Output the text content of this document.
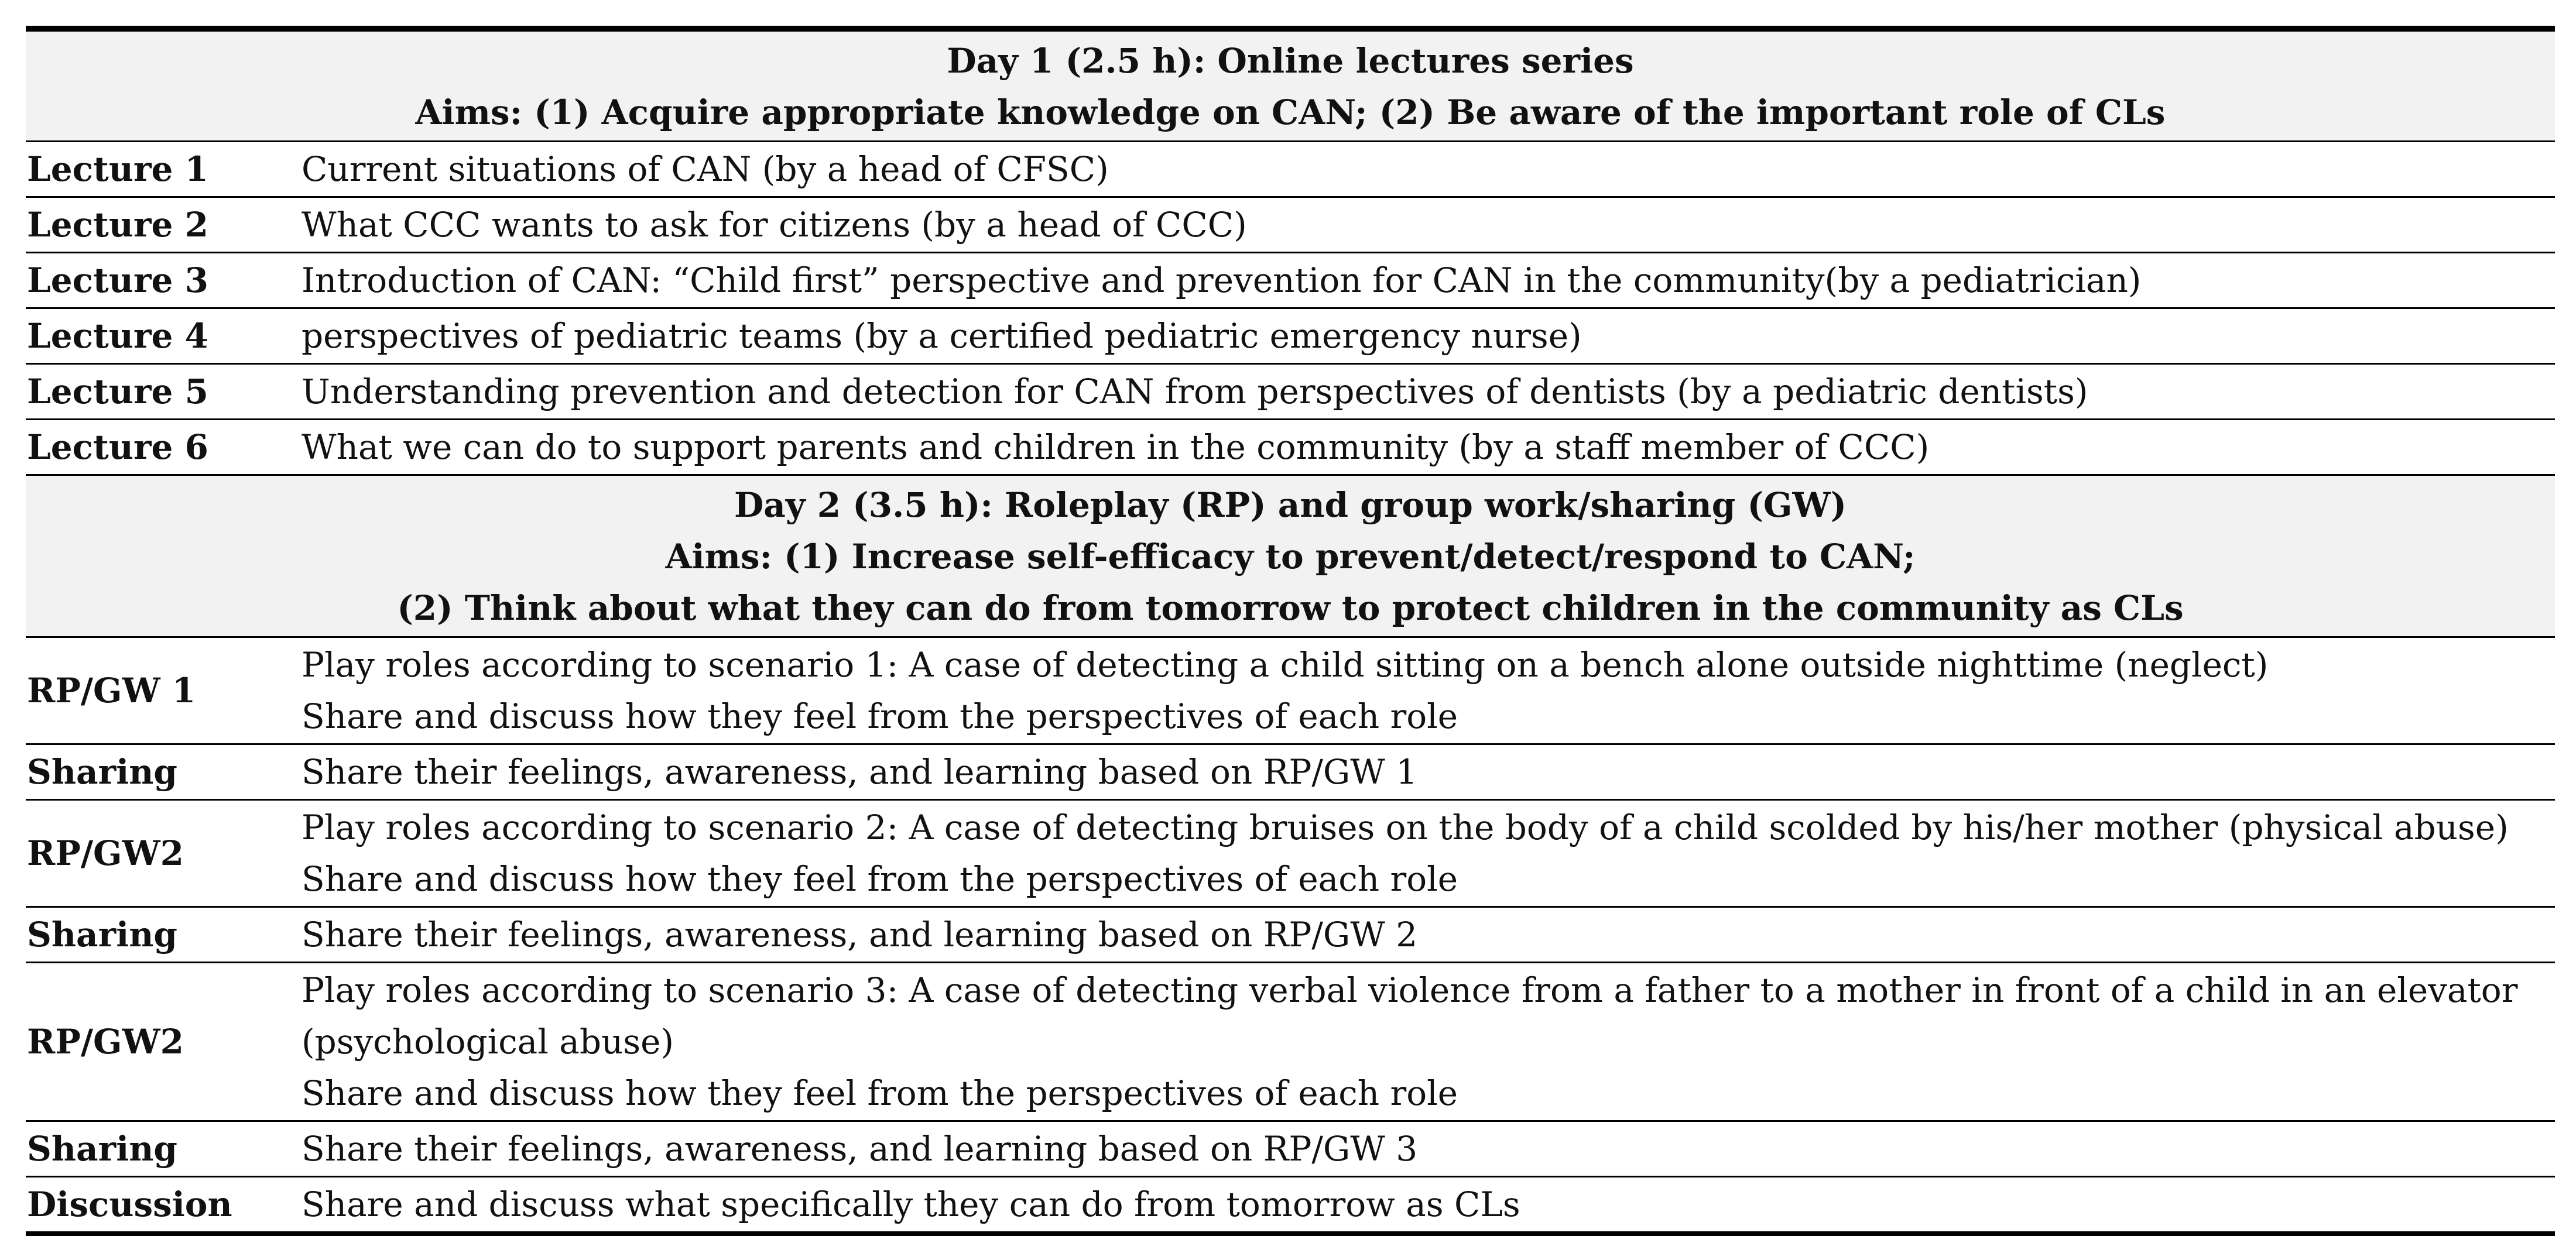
Day 1 (2.5 h): Online lectures series
Aims: (1) Acquire appropriate knowledge on CAN; (2) Be aware of the important role of CLs	

Lecture 1	Current situations of CAN (by a head of CFSC)

Lecture 2	What CCC wants to ask for citizens (by a head of CCC)

Lecture 3	Introduction of CAN: “Child first” perspective and prevention for CAN in the community(by a pediatrician)

Lecture 4	perspectives of pediatric teams (by a certified pediatric emergency nurse)

Lecture 5	Understanding prevention and detection for CAN from perspectives of dentists (by a pediatric dentists)

Lecture 6	What we can do to support parents and children in the community (by a staff member of CCC)

Day 2 (3.5 h): Roleplay (RP) and group work/sharing (GW)
Aims: (1) Increase self-efficacy to prevent/detect/respond to CAN;
(2) Think about what they can do from tomorrow to protect children in the community as CLs	

RP/GW 1	Play roles according to scenario 1: A case of detecting a child sitting on a bench alone outside nighttime (neglect)
Share and discuss how they feel from the perspectives of each role

Sharing	Share their feelings, awareness, and learning based on RP/GW 1

RP/GW2	Play roles according to scenario 2: A case of detecting bruises on the body of a child scolded by his/her mother (physical abuse)
Share and discuss how they feel from the perspectives of each role

Sharing	Share their feelings, awareness, and learning based on RP/GW 2

RP/GW2	Play roles according to scenario 3: A case of detecting verbal violence from a father to a mother in front of a child in an elevator
(psychological abuse)
Share and discuss how they feel from the perspectives of each role

Sharing	Share their feelings, awareness, and learning based on RP/GW 3

Discussion	Share and discuss what specifically they can do from tomorrow as CLs
